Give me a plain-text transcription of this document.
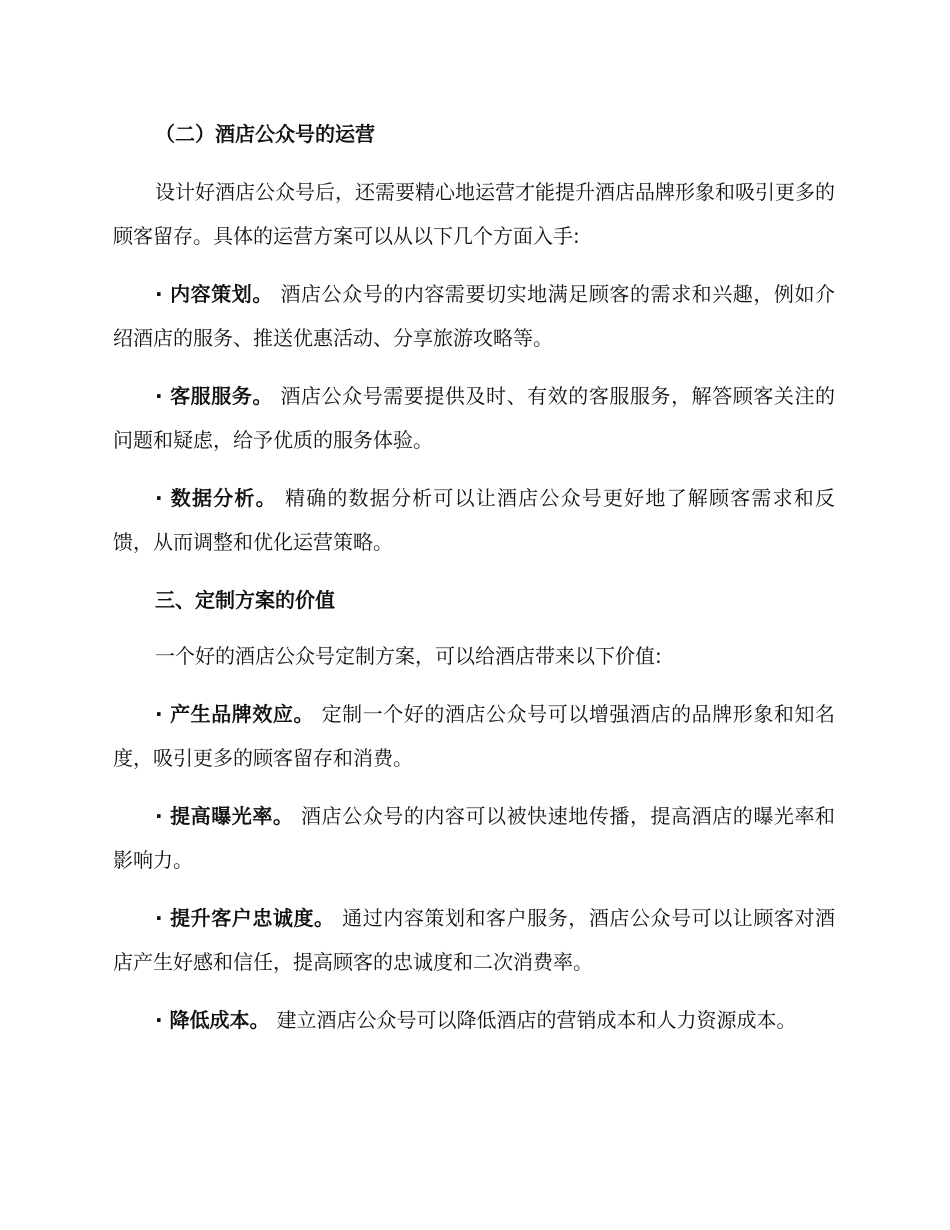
（二）酒店公众号的运营

设计好酒店公众号后，还需要精心地运营才能提升酒店品牌形象和吸引更多的顾客留存。具体的运营方案可以从以下几个方面入手:

· 内容策划。 酒店公众号的内容需要切实地满足顾客的需求和兴趣，例如介绍酒店的服务、推送优惠活动、分享旅游攻略等。

· 客服服务。 酒店公众号需要提供及时、有效的客服服务，解答顾客关注的问题和疑虑，给予优质的服务体验。

· 数据分析。 精确的数据分析可以让酒店公众号更好地了解顾客需求和反馈，从而调整和优化运营策略。

三、定制方案的价值

一个好的酒店公众号定制方案，可以给酒店带来以下价值:

· 产生品牌效应。 定制一个好的酒店公众号可以增强酒店的品牌形象和知名度，吸引更多的顾客留存和消费。

· 提高曝光率。 酒店公众号的内容可以被快速地传播，提高酒店的曝光率和影响力。

· 提升客户忠诚度。 通过内容策划和客户服务，酒店公众号可以让顾客对酒店产生好感和信任，提高顾客的忠诚度和二次消费率。

· 降低成本。 建立酒店公众号可以降低酒店的营销成本和人力资源成本。
